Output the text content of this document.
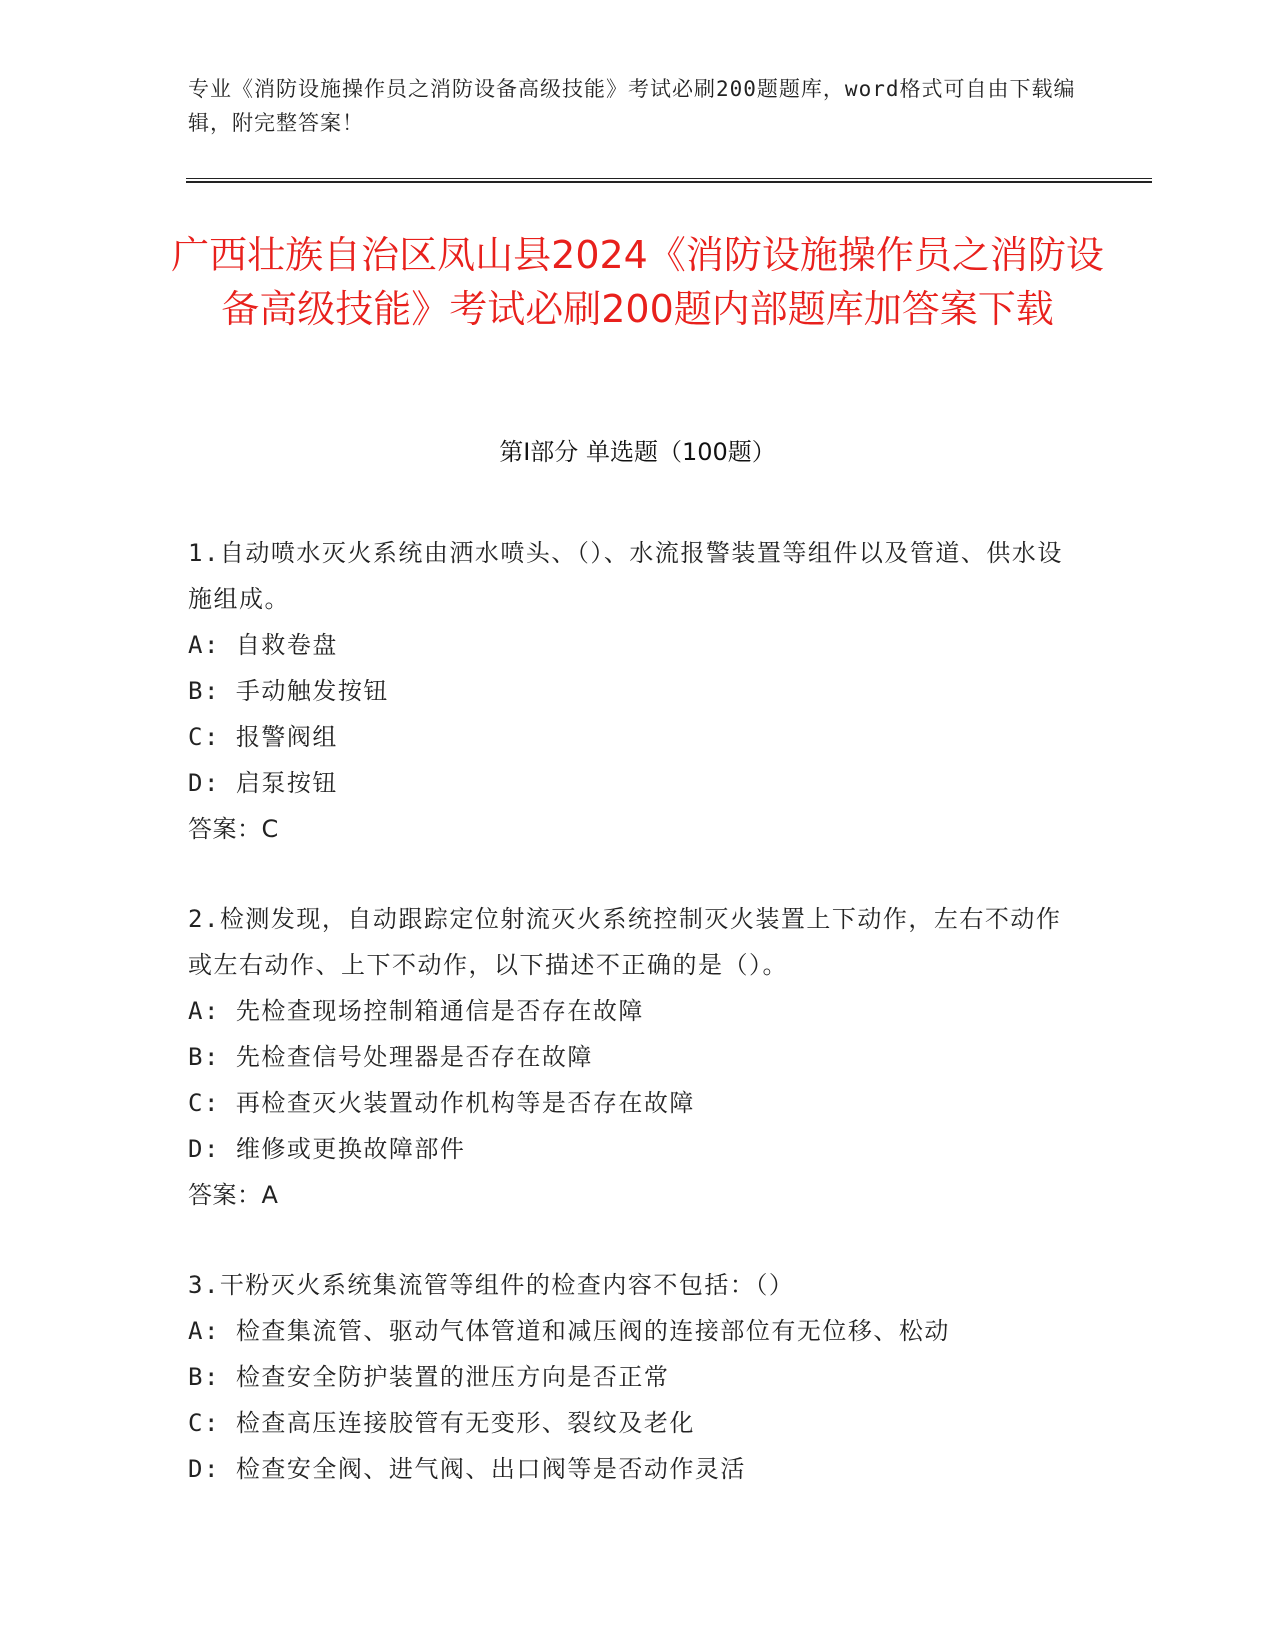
专业《消防设施操作员之消防设备高级技能》考试必刷200题题库，word格式可自由下载编辑，附完整答案！
广西壮族自治区凤山县2024《消防设施操作员之消防设备高级技能》考试必刷200题内部题库加答案下载
第Ⅰ部分 单选题（100题）
1.自动喷水灭火系统由洒水喷头、（）、水流报警装置等组件以及管道、供水设施组成。
A: 自救卷盘
B: 手动触发按钮
C: 报警阀组
D: 启泵按钮
答案：C
2.检测发现，自动跟踪定位射流灭火系统控制灭火装置上下动作，左右不动作或左右动作、上下不动作，以下描述不正确的是（）。
A: 先检查现场控制箱通信是否存在故障
B: 先检查信号处理器是否存在故障
C: 再检查灭火装置动作机构等是否存在故障
D: 维修或更换故障部件
答案：A
3.干粉灭火系统集流管等组件的检查内容不包括：（）
A: 检查集流管、驱动气体管道和减压阀的连接部位有无位移、松动
B: 检查安全防护装置的泄压方向是否正常
C: 检查高压连接胶管有无变形、裂纹及老化
D: 检查安全阀、进气阀、出口阀等是否动作灵活
